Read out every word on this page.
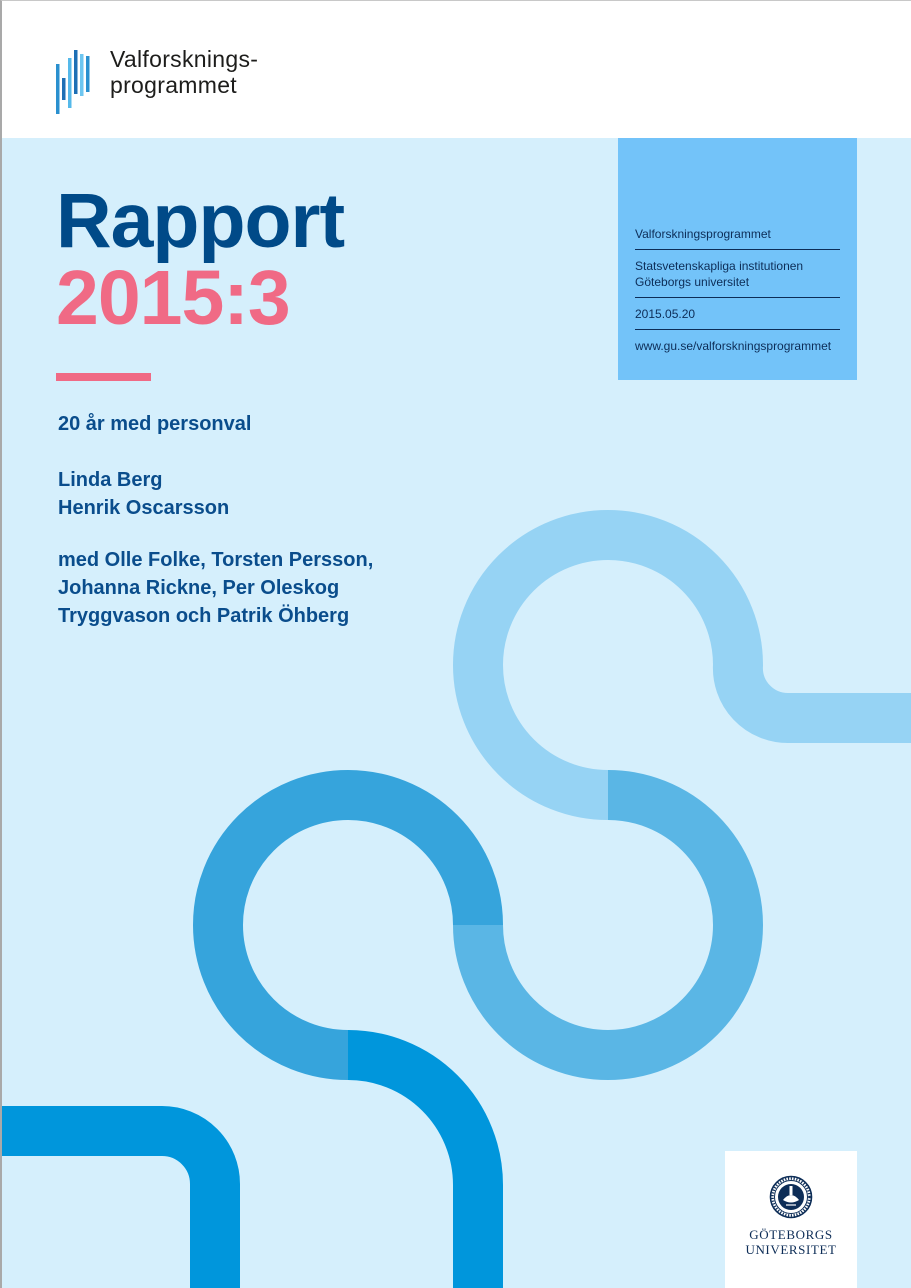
Valforsknings-
programmet
Rapport
2015:3
20 år med personval
Linda Berg
Henrik Oscarsson
med Olle Folke, Torsten Persson,
Johanna Rickne, Per Oleskog
Tryggvason och Patrik Öhberg
Valforskningsprogrammet
Statsvetenskapliga institutionen
Göteborgs universitet
2015.05.20
www.gu.se/valforskningsprogrammet
GÖTEBORGS
UNIVERSITET
